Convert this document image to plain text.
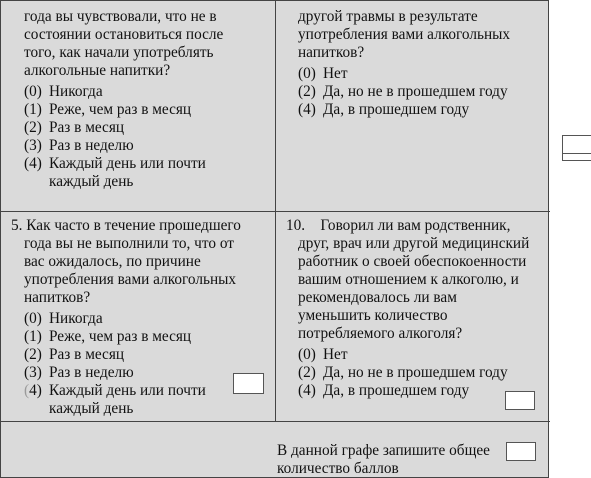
года вы чувствовали, что не в
состоянии остановиться после
того, как начали употреблять
алкогольные напитки?
(0) Никогда
(1) Реже, чем раз в месяц
(2) Раз в месяц
(3) Раз в неделю
(4) Каждый день или почти
каждый день
другой травмы в результате
употребления вами алкогольных
напитков?
(0) Нет
(2) Да, но не в прошедшем году
(4) Да, в прошедшем году
5. Как часто в течение прошедшего
года вы не выполнили то, что от
вас ожидалось, по причине
употребления вами алкогольных
напитков?
(0) Никогда
(1) Реже, чем раз в месяц
(2) Раз в месяц
(3) Раз в неделю
(4) Каждый день или почти
каждый день
10.    Говорил ли вам родственник,
друг, врач или другой медицинский
работник о своей обеспокоенности
вашим отношением к алкоголю, и
рекомендовалось ли вам
уменьшить количество
потребляемого алкоголя?
(0) Нет
(2) Да, но не в прошедшем году
(4) Да, в прошедшем году
В данной графе запишите общее
количество баллов
